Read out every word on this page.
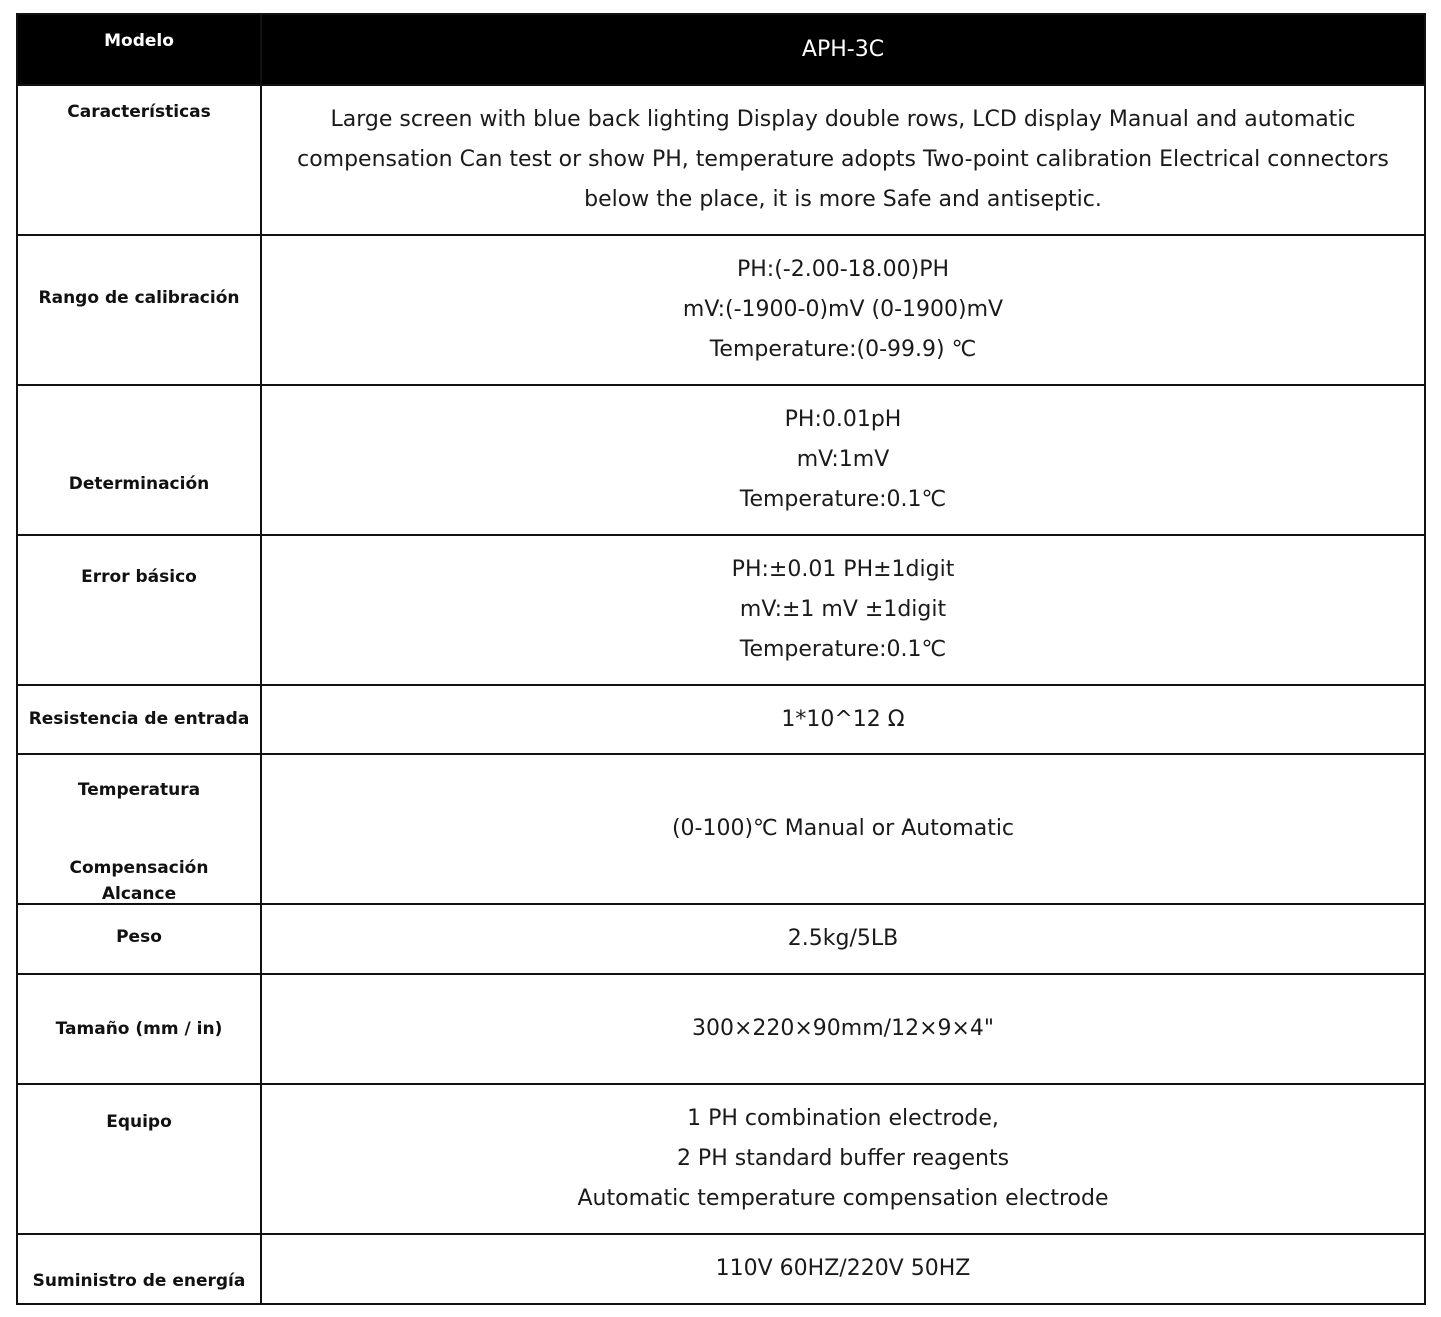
Modelo	APH-3C

Características	Large screen with blue back lighting Display double rows, LCD display Manual and automatic compensation Can test or show PH, temperature adopts Two-point calibration Electrical connectors below the place, it is more Safe and antiseptic.

Rango de calibración	PH:(-2.00-18.00)PH
mV:(-1900-0)mV (0-1900)mV
Temperature:(0-99.9) ℃

Determinación	PH:0.01pH
mV:1mV
Temperature:0.1℃

Error básico	PH:±0.01 PH±1digit
mV:±1 mV ±1digit
Temperature:0.1℃

Resistencia de entrada	1*10^12 Ω

Temperatura
Compensación
Alcance	(0-100)℃ Manual or Automatic

Peso	2.5kg/5LB

Tamaño (mm / in)	300×220×90mm/12×9×4"

Equipo	1 PH combination electrode,
2 PH standard buffer reagents
Automatic temperature compensation electrode

Suministro de energía	110V 60HZ/220V 50HZ
